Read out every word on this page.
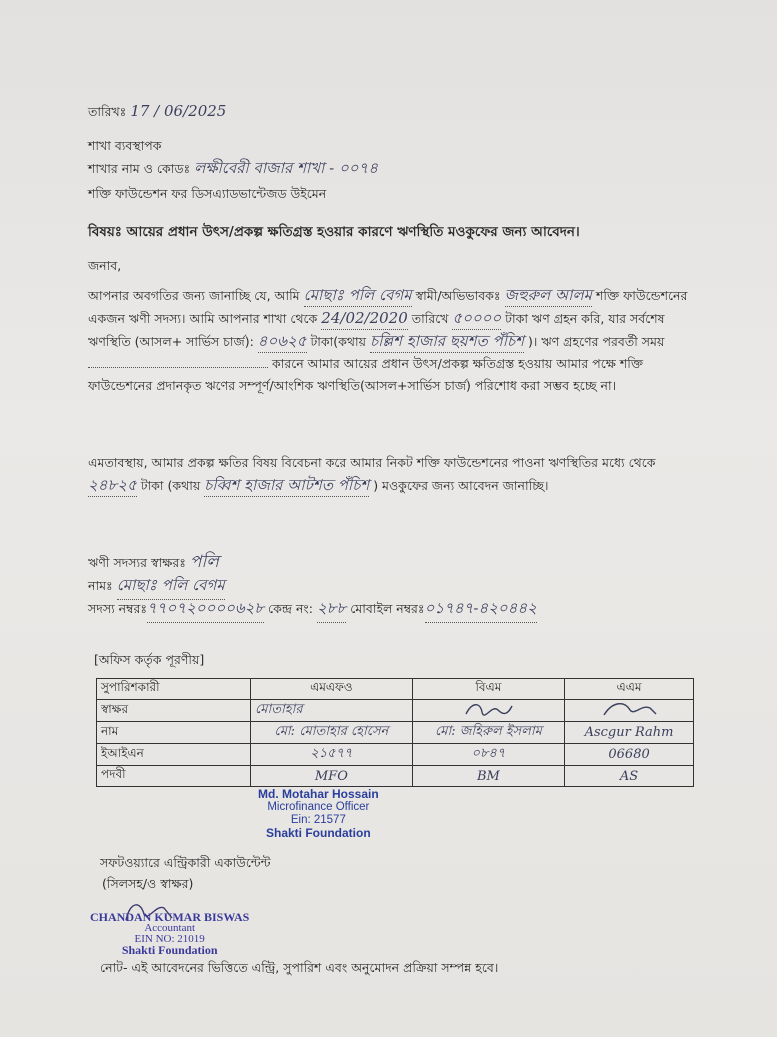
তারিখঃ 17 / 06/2025
শাখা ব্যবস্থাপক
শাখার নাম ও কোডঃ লক্ষীবেরী বাজার শাখা - ০০৭৪
শক্তি ফাউন্ডেশন ফর ডিসএ্যাডভান্টেজড উইমেন
বিষয়ঃ আয়ের প্রধান উৎস/প্রকল্প ক্ষতিগ্রস্ত হওয়ার কারণে ঋণস্থিতি মওকুফের জন্য আবেদন।
জনাব,
আপনার অবগতির জন্য জানাচ্ছি যে, আমি মোছাঃ পলি বেগম স্বামী/অভিভাবকঃ জহুরুল আলম শক্তি ফাউন্ডেশনের একজন ঋণী সদস্য। আমি আপনার শাখা থেকে 24/02/2020 তারিখে ৫০০০০ টাকা ঋণ গ্রহন করি, যার সর্বশেষ ঋণস্থিতি (আসল+ সার্ভিস চার্জ): ৪০৬২৫ টাকা(কথায় চল্লিশ হাজার ছয়শত পঁচিশ )। ঋণ গ্রহণের পরবর্তী সময়  কারনে আমার আয়ের প্রধান উৎস/প্রকল্প ক্ষতিগ্রস্ত হওয়ায় আমার পক্ষে শক্তি ফাউন্ডেশনের প্রদানকৃত ঋণের সম্পূর্ণ/আংশিক ঋণস্থিতি(আসল+সার্ভিস চার্জ) পরিশোধ করা সম্ভব হচ্ছে না।
এমতাবস্থায়, আমার প্রকল্প ক্ষতির বিষয় বিবেচনা করে আমার নিকট শক্তি ফাউন্ডেশনের পাওনা ঋণস্থিতির মধ্যে থেকে ২৪৮২৫ টাকা (কথায় চব্বিশ হাজার আটশত পঁচিশ ) মওকুফের জন্য আবেদন জানাচ্ছি।
ঋণী সদস্যর স্বাক্ষরঃ পলি
নামঃ মোছাঃ পলি বেগম
সদস্য নম্বরঃ৭৭০৭২০০০০৬২৮ কেন্দ্র নং: ২৮৮ মোবাইল নম্বরঃ০১৭৪৭-৪২০৪৪২
[অফিস কর্তৃক পূরণীয়]
সুপারিশকারী	এমএফও	বিএম	এএম
স্বাক্ষর	মোতাহার		
নাম	মো: মোতাহার হোসেন	মো: জহিরুল ইসলাম	Ascgur Rahm
ইআইএন	২১৫৭৭	০৮৪৭	06680
পদবী	MFO	BM	AS
Md. Motahar Hossain
Microfinance Officer
Ein: 21577
Shakti Foundation
সফটওয়্যারে এন্ট্রিকারী একাউন্টেন্ট
(সিলসহ/ও স্বাক্ষর)
CHANDAN KUMAR BISWAS
Accountant
EIN NO: 21019
Shakti Foundation
নোট- এই আবেদনের ভিত্তিতে এন্ট্রি, সুপারিশ এবং অনুমোদন প্রক্রিয়া সম্পন্ন হবে।
